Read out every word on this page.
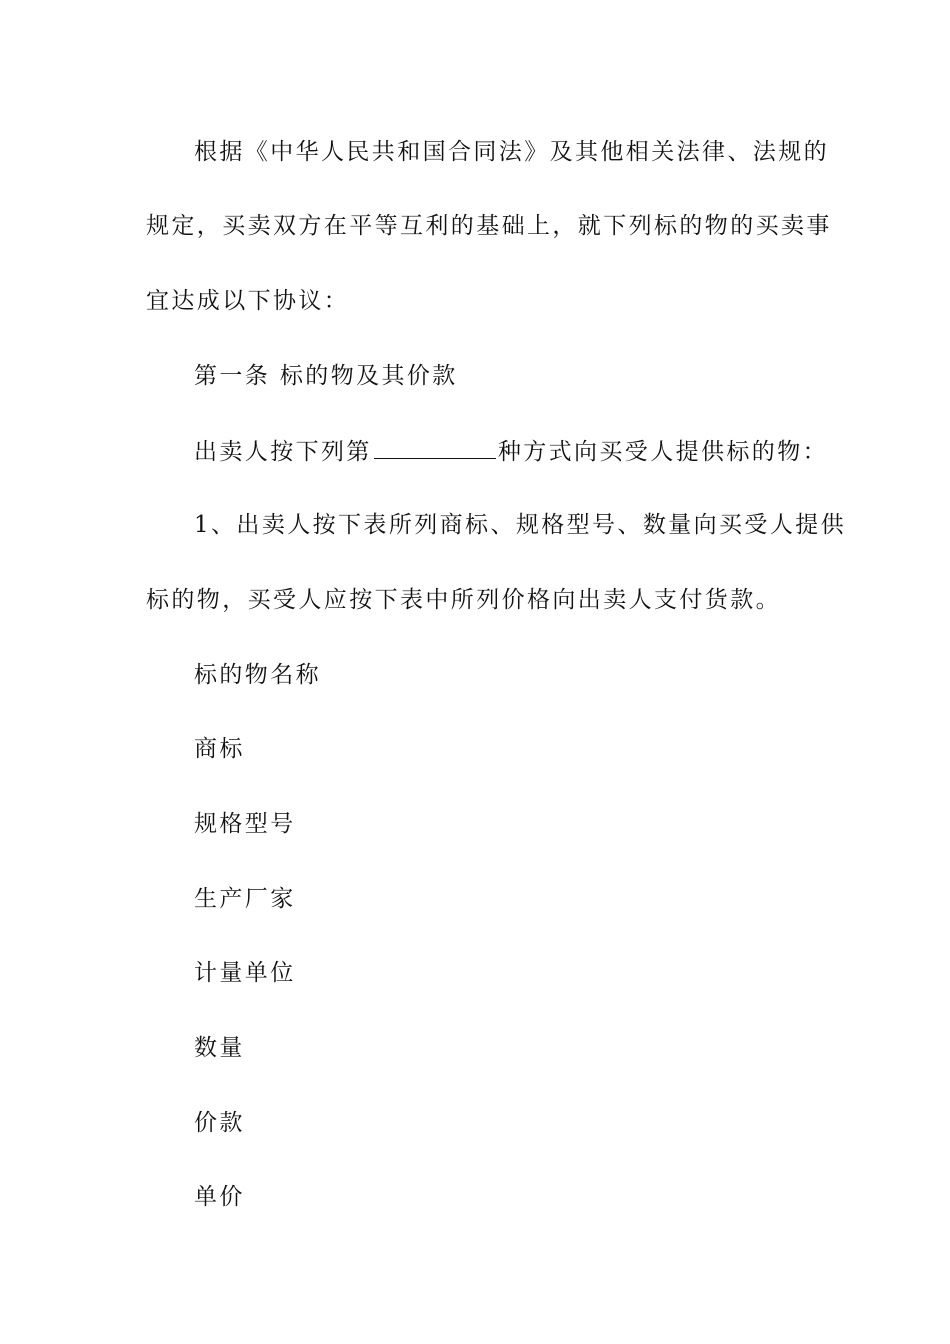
根据《中华人民共和国合同法》及其他相关法律、法规的
规定，买卖双方在平等互利的基础上，就下列标的物的买卖事
宜达成以下协议：
第一条 标的物及其价款
出卖人按下列第	种方式向买受人提供标的物：
1、出卖人按下表所列商标、规格型号、数量向买受人提供
标的物，买受人应按下表中所列价格向出卖人支付货款。
标的物名称
商标
规格型号
生产厂家
计量单位
数量
价款
单价
